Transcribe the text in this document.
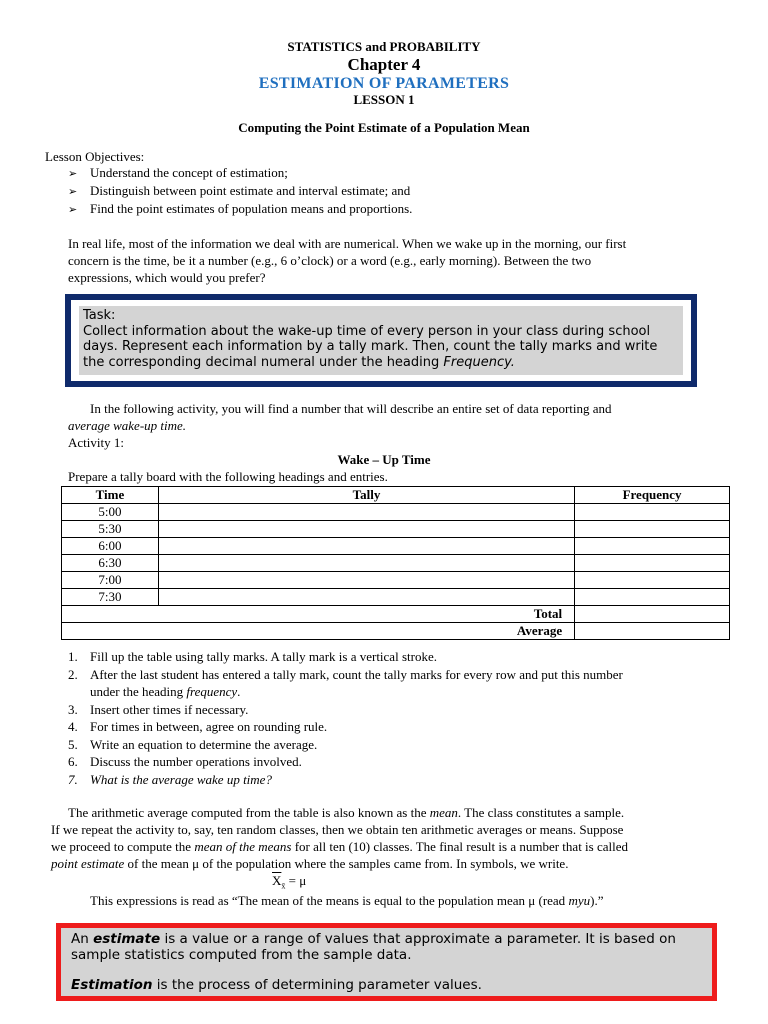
STATISTICS and PROBABILITY
Chapter 4
ESTIMATION OF PARAMETERS
LESSON 1
Computing the Point Estimate of a Population Mean
Lesson Objectives:
➢ Understand the concept of estimation;
➢ Distinguish between point estimate and interval estimate; and
➢ Find the point estimates of population means and proportions.
In real life, most of the information we deal with are numerical. When we wake up in the morning, our first
concern is the time, be it a number (e.g., 6 o’clock) or a word (e.g., early morning). Between the two
expressions, which would you prefer?
Task:
Collect information about the wake-up time of every person in your class during school days. Represent each information by a tally mark. Then, count the tally marks and write the corresponding decimal numeral under the heading Frequency.
In the following activity, you will find a number that will describe an entire set of data reporting and
average wake-up time.
Activity 1:
Wake – Up Time
Prepare a tally board with the following headings and entries.
Time	Tally	Frequency
5:00		
5:30		
6:00		
6:30		
7:00		
7:30		
Total		
Average		
1. Fill up the table using tally marks. A tally mark is a vertical stroke.
2. After the last student has entered a tally mark, count the tally marks for every row and put this number
under the heading frequency.
3. Insert other times if necessary.
4. For times in between, agree on rounding rule.
5. Write an equation to determine the average.
6. Discuss the number operations involved.
7. What is the average wake up time?
The arithmetic average computed from the table is also known as the mean. The class constitutes a sample.
If we repeat the activity to, say, ten random classes, then we obtain ten arithmetic averages or means. Suppose
we proceed to compute the mean of the means for all ten (10) classes. The final result is a number that is called
point estimate of the mean μ of the population where the samples came from. In symbols, we write.
$\overline{X}_{x̄} = \mu$
This expressions is read as “The mean of the means is equal to the population mean μ (read myu).”
An estimate is a value or a range of values that approximate a parameter. It is based on sample statistics computed from the sample data.
Estimation is the process of determining parameter values.
